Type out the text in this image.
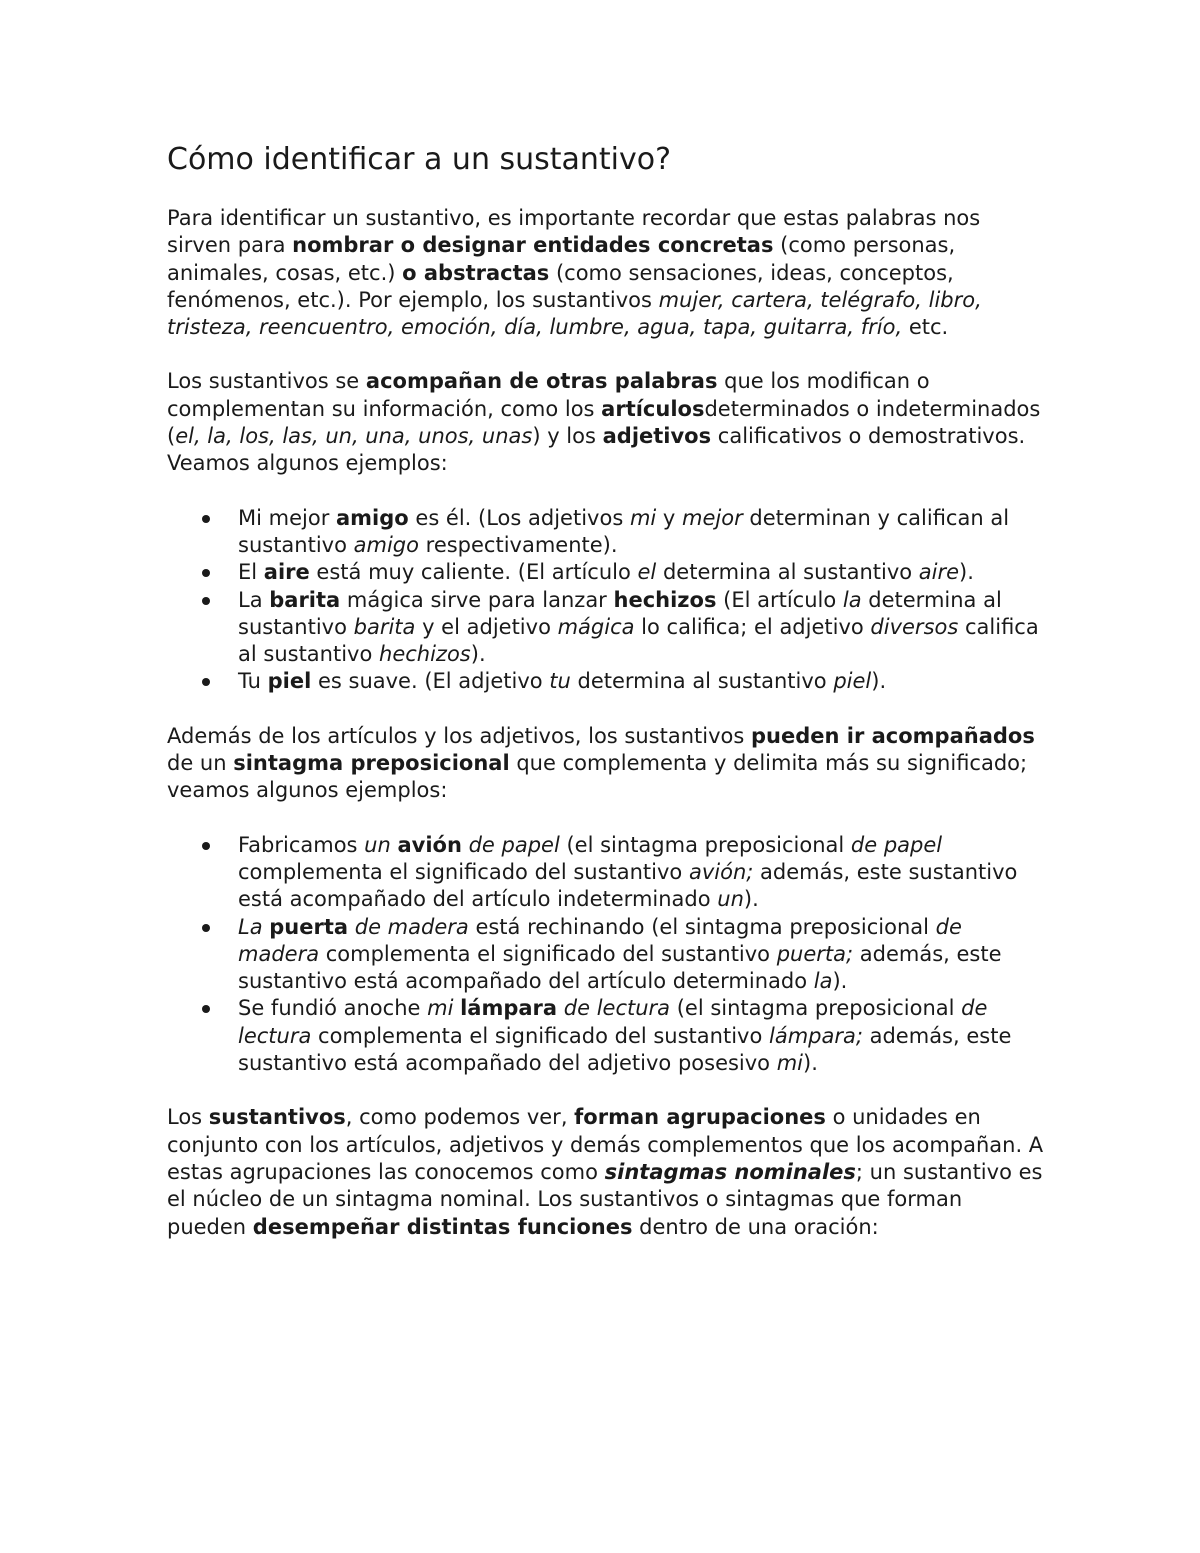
Cómo identificar a un sustantivo?

Para identificar un sustantivo, es importante recordar que estas palabras nos sirven para nombrar o designar entidades concretas (como personas, animales, cosas, etc.) o abstractas (como sensaciones, ideas, conceptos, fenómenos, etc.). Por ejemplo, los sustantivos mujer, cartera, telégrafo, libro, tristeza, reencuentro, emoción, día, lumbre, agua, tapa, guitarra, frío, etc.

Los sustantivos se acompañan de otras palabras que los modifican o complementan su información, como los artículosdeterminados o indeterminados (el, la, los, las, un, una, unos, unas) y los adjetivos calificativos o demostrativos. Veamos algunos ejemplos:

Mi mejor amigo es él. (Los adjetivos mi y mejor determinan y califican al sustantivo amigo respectivamente).
El aire está muy caliente. (El artículo el determina al sustantivo aire).
La barita mágica sirve para lanzar hechizos (El artículo la determina al sustantivo barita y el adjetivo mágica lo califica; el adjetivo diversos califica al sustantivo hechizos).
Tu piel es suave. (El adjetivo tu determina al sustantivo piel).

Además de los artículos y los adjetivos, los sustantivos pueden ir acompañados de un sintagma preposicional que complementa y delimita más su significado; veamos algunos ejemplos:

Fabricamos un avión de papel (el sintagma preposicional de papel complementa el significado del sustantivo avión; además, este sustantivo está acompañado del artículo indeterminado un).
La puerta de madera está rechinando (el sintagma preposicional de madera complementa el significado del sustantivo puerta; además, este sustantivo está acompañado del artículo determinado la).
Se fundió anoche mi lámpara de lectura (el sintagma preposicional de lectura complementa el significado del sustantivo lámpara; además, este sustantivo está acompañado del adjetivo posesivo mi).

Los sustantivos, como podemos ver, forman agrupaciones o unidades en conjunto con los artículos, adjetivos y demás complementos que los acompañan. A estas agrupaciones las conocemos como sintagmas nominales; un sustantivo es el núcleo de un sintagma nominal. Los sustantivos o sintagmas que forman pueden desempeñar distintas funciones dentro de una oración:
